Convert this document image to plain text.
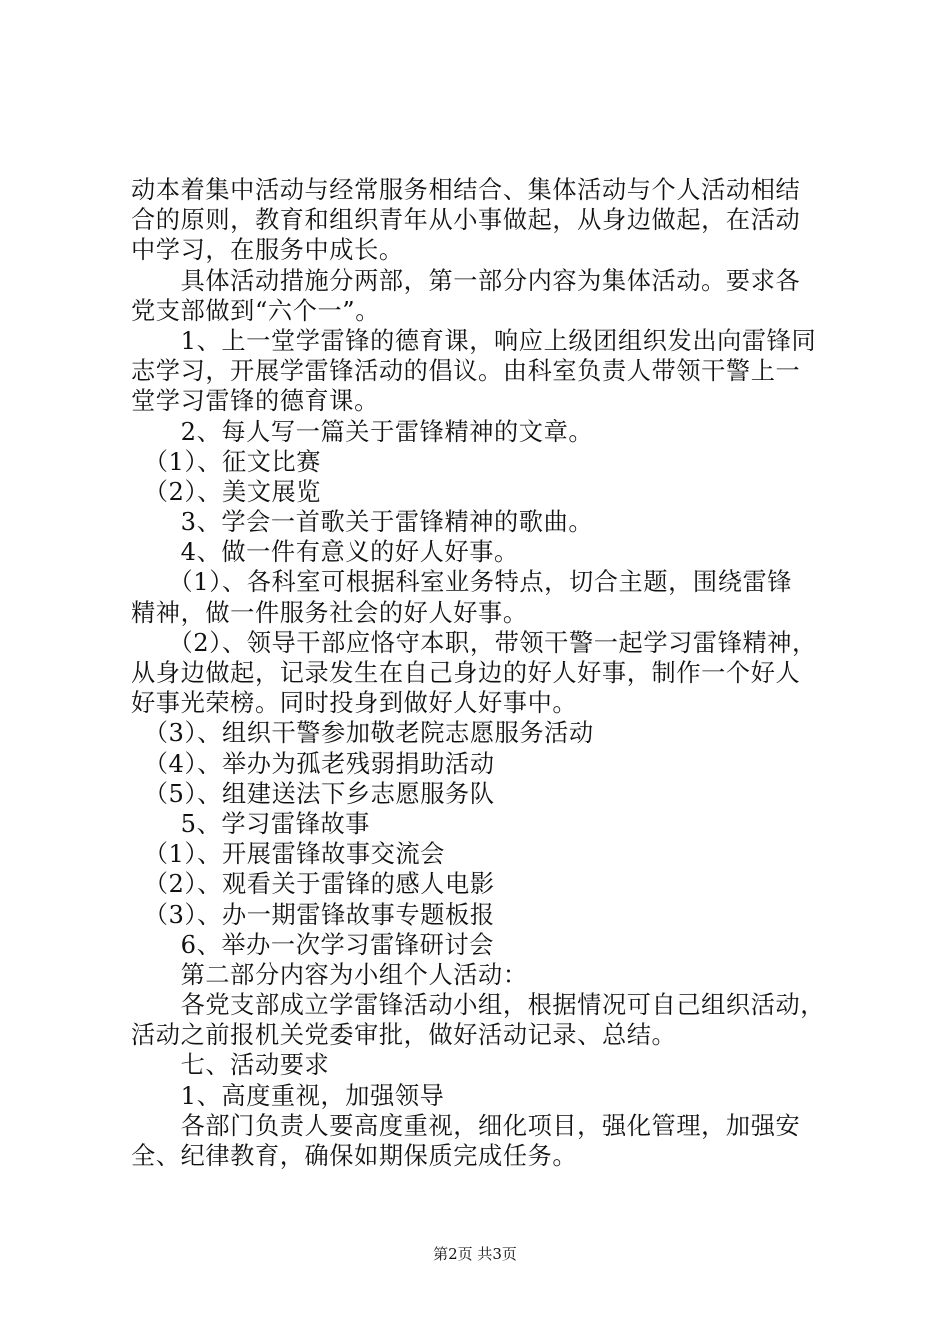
动本着集中活动与经常服务相结合、集体活动与个人活动相结
合的原则，教育和组织青年从小事做起，从身边做起，在活动
中学习，在服务中成长。
　　具体活动措施分两部，第一部分内容为集体活动。要求各
党支部做到“六个一”。
　　1、上一堂学雷锋的德育课，响应上级团组织发出向雷锋同
志学习，开展学雷锋活动的倡议。由科室负责人带领干警上一
堂学习雷锋的德育课。
　　2、每人写一篇关于雷锋精神的文章。
　（1）、征文比赛
　（2）、美文展览
　　3、学会一首歌关于雷锋精神的歌曲。
　　4、做一件有意义的好人好事。
　　（1）、各科室可根据科室业务特点，切合主题，围绕雷锋
精神，做一件服务社会的好人好事。
　　（2）、领导干部应恪守本职，带领干警一起学习雷锋精神，
从身边做起，记录发生在自己身边的好人好事，制作一个好人
好事光荣榜。同时投身到做好人好事中。
　（3）、组织干警参加敬老院志愿服务活动
　（4）、举办为孤老残弱捐助活动
　（5）、组建送法下乡志愿服务队
　　5、学习雷锋故事
　（1）、开展雷锋故事交流会
　（2）、观看关于雷锋的感人电影
　（3）、办一期雷锋故事专题板报
　　6、举办一次学习雷锋研讨会
　　第二部分内容为小组个人活动：
　　各党支部成立学雷锋活动小组，根据情况可自己组织活动，
活动之前报机关党委审批，做好活动记录、总结。
　　七、活动要求
　　1、高度重视，加强领导
　　各部门负责人要高度重视，细化项目，强化管理，加强安
全、纪律教育，确保如期保质完成任务。
第2页 共3页
